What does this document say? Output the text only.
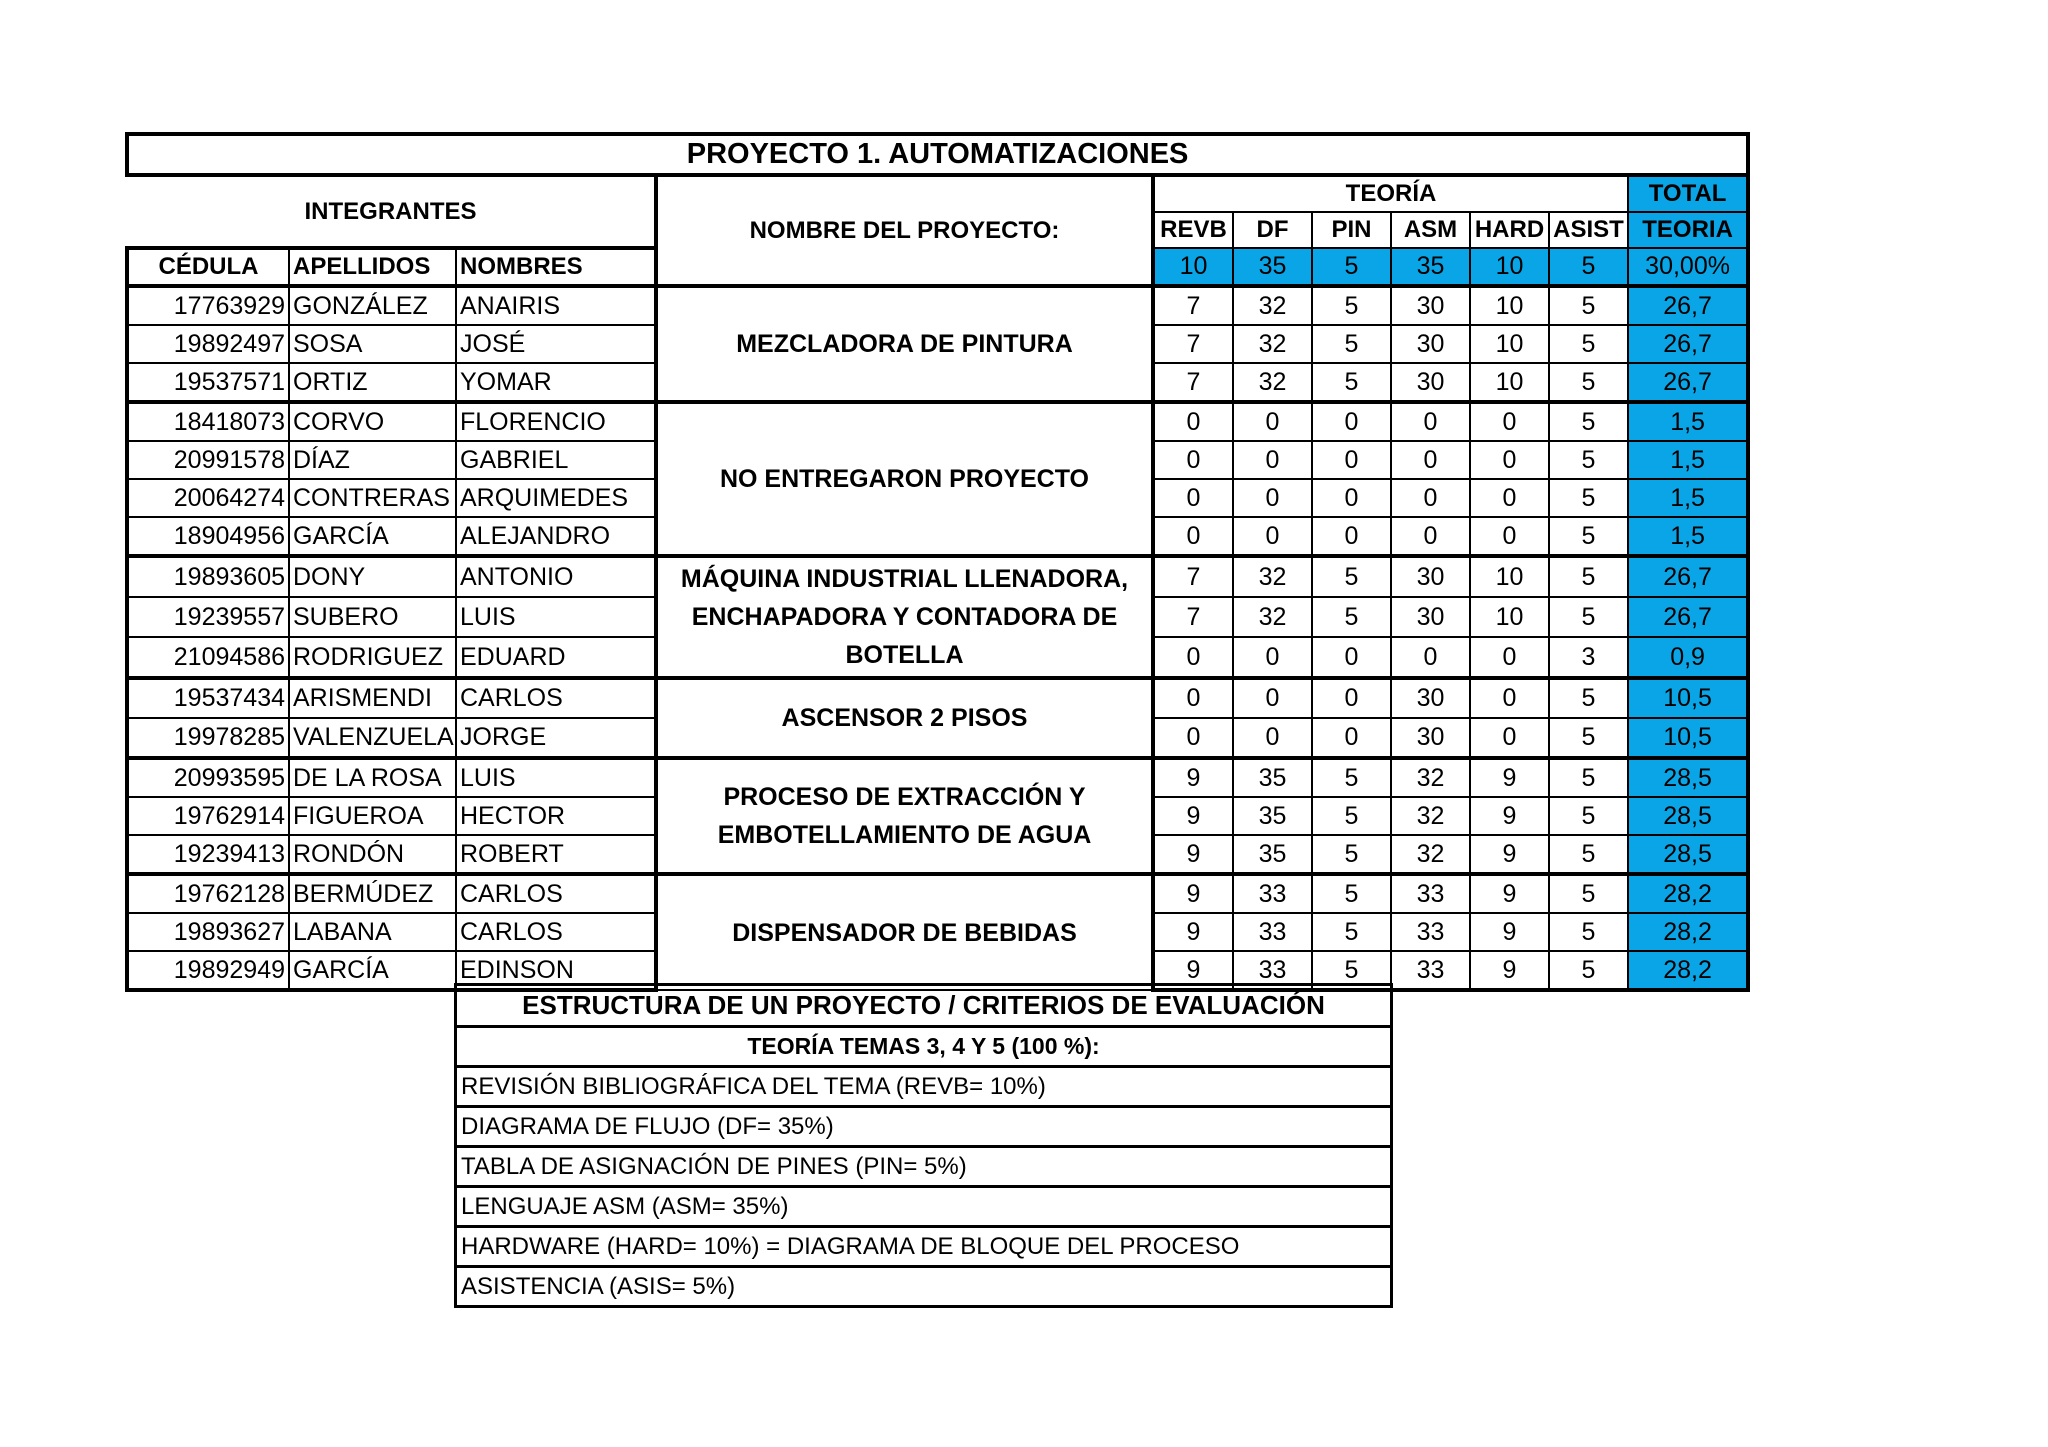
PROYECTO 1. AUTOMATIZACIONES										
INTEGRANTES			NOMBRE DEL PROYECTO:	TEORÍA						TOTAL
				REVB	DF	PIN	ASM	HARD	ASIST	TEORIA
CÉDULA	APELLIDOS	NOMBRES		10	35	5	35	10	5	30,00%
17763929	GONZÁLEZ	ANAIRIS	MEZCLADORA DE PINTURA	7	32	5	30	10	5	26,7
19892497	SOSA	JOSÉ		7	32	5	30	10	5	26,7
19537571	ORTIZ	YOMAR		7	32	5	30	10	5	26,7
18418073	CORVO	FLORENCIO	NO ENTREGARON PROYECTO	0	0	0	0	0	5	1,5
20991578	DÍAZ	GABRIEL		0	0	0	0	0	5	1,5
20064274	CONTRERAS	ARQUIMEDES		0	0	0	0	0	5	1,5
18904956	GARCÍA	ALEJANDRO		0	0	0	0	0	5	1,5
19893605	DONY	ANTONIO	MÁQUINA INDUSTRIAL LLENADORA, ENCHAPADORA Y CONTADORA DE BOTELLA	7	32	5	30	10	5	26,7
19239557	SUBERO	LUIS		7	32	5	30	10	5	26,7
21094586	RODRIGUEZ	EDUARD		0	0	0	0	0	3	0,9
19537434	ARISMENDI	CARLOS	ASCENSOR 2 PISOS	0	0	0	30	0	5	10,5
19978285	VALENZUELA	JORGE		0	0	0	30	0	5	10,5
20993595	DE LA ROSA	LUIS	PROCESO DE EXTRACCIÓN Y EMBOTELLAMIENTO DE AGUA	9	35	5	32	9	5	28,5
19762914	FIGUEROA	HECTOR		9	35	5	32	9	5	28,5
19239413	RONDÓN	ROBERT		9	35	5	32	9	5	28,5
19762128	BERMÚDEZ	CARLOS	DISPENSADOR DE BEBIDAS	9	33	5	33	9	5	28,2
19893627	LABANA	CARLOS		9	33	5	33	9	5	28,2
19892949	GARCÍA	EDINSON		9	33	5	33	9	5	28,2
ESTRUCTURA DE UN PROYECTO / CRITERIOS DE EVALUACIÓN
TEORÍA TEMAS 3, 4 Y 5 (100 %):
REVISIÓN BIBLIOGRÁFICA DEL TEMA (REVB= 10%)
DIAGRAMA DE FLUJO (DF= 35%)
TABLA DE ASIGNACIÓN DE PINES (PIN= 5%)
LENGUAJE ASM (ASM= 35%)
HARDWARE (HARD= 10%) = DIAGRAMA DE BLOQUE DEL PROCESO
ASISTENCIA (ASIS= 5%)
